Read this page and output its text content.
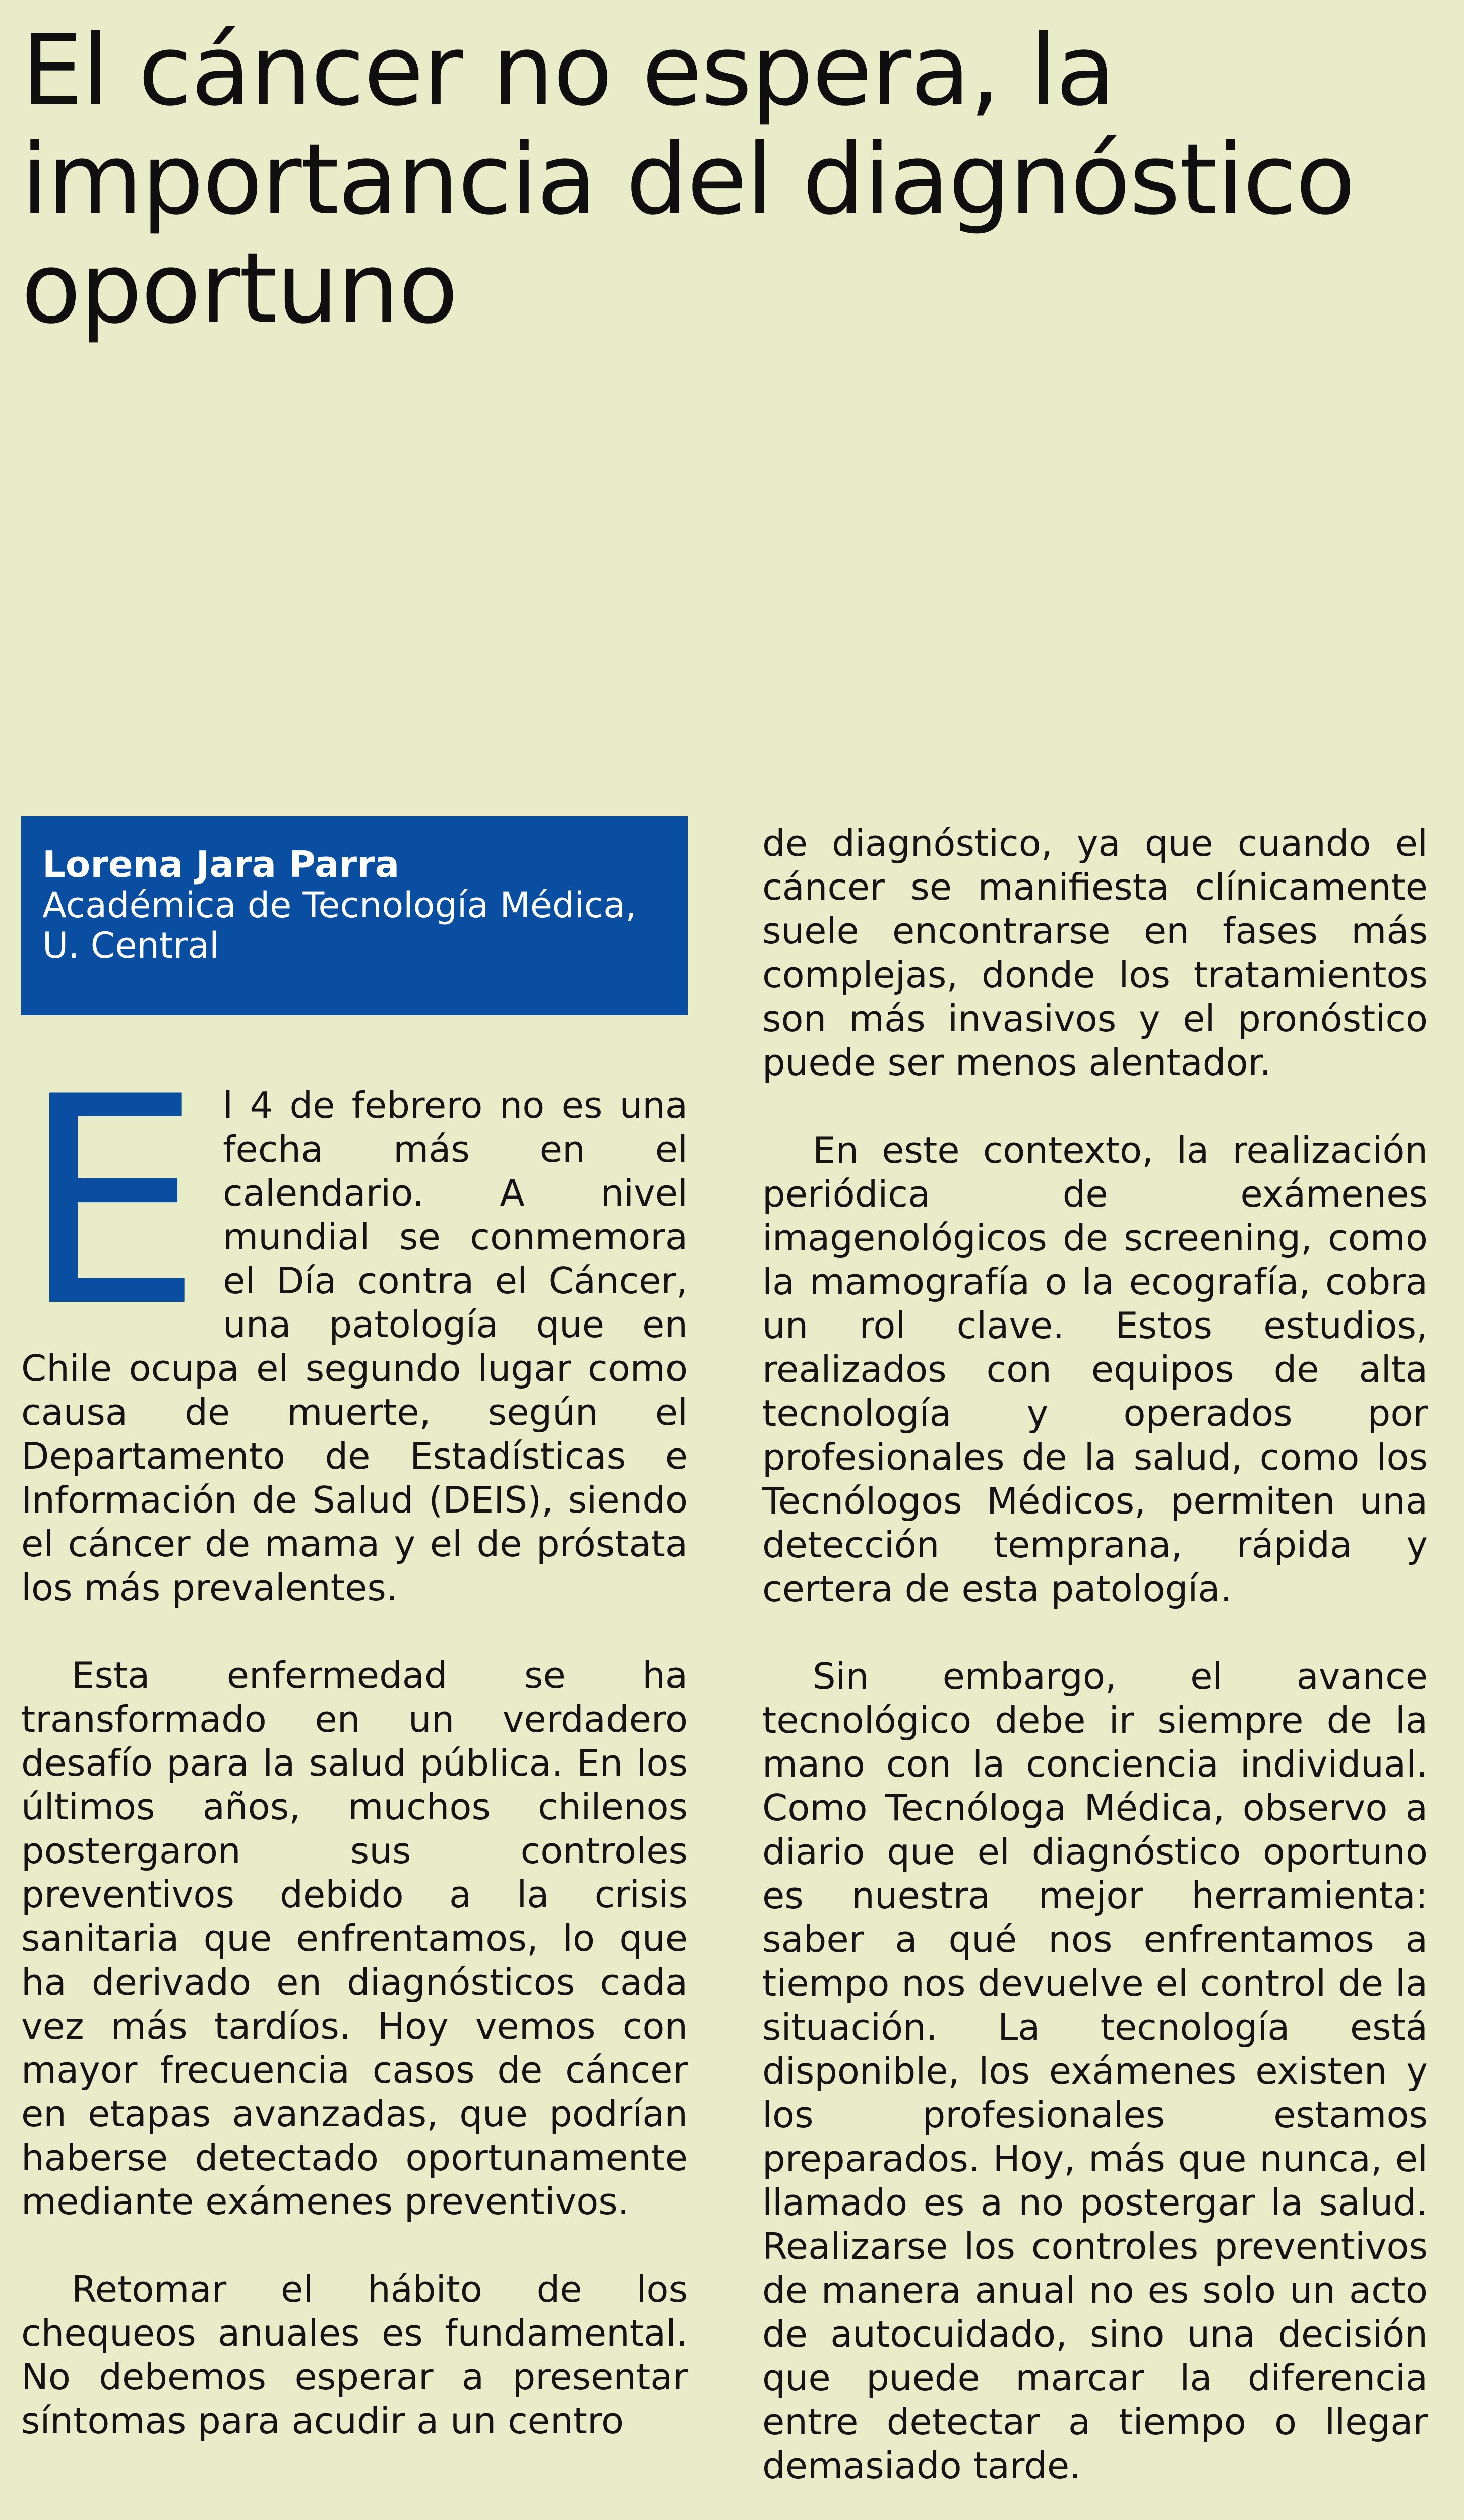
El cáncer no espera, la importancia del diagnóstico oportuno
Lorena Jara Parra
Académica de Tecnología Médica, U. Central

El 4 de febrero no es una fecha más en el calendario. A nivel mundial se conmemora el Día contra el Cáncer, una patología que en Chile ocupa el segundo lugar como causa de muerte, según el Departamento de Estadísticas e Información de Salud (DEIS), siendo el cáncer de mama y el de próstata los más prevalentes.

Esta enfermedad se ha transformado en un verdadero desafío para la salud pública. En los últimos años, muchos chilenos postergaron sus controles preventivos debido a la crisis sanitaria que enfrentamos, lo que ha derivado en diagnósticos cada vez más tardíos. Hoy vemos con mayor frecuencia casos de cáncer en etapas avanzadas, que podrían haberse detectado oportunamente mediante exámenes preventivos.

Retomar el hábito de los chequeos anuales es fundamental. No debemos esperar a presentar síntomas para acudir a un centro

de diagnóstico, ya que cuando el cáncer se manifiesta clínicamente suele encontrarse en fases más complejas, donde los tratamientos son más invasivos y el pronóstico puede ser menos alentador.

En este contexto, la realización periódica de exámenes imagenológicos de screening, como la mamografía o la ecografía, cobra un rol clave. Estos estudios, realizados con equipos de alta tecnología y operados por profesionales de la salud, como los Tecnólogos Médicos, permiten una detección temprana, rápida y certera de esta patología.

Sin embargo, el avance tecnológico debe ir siempre de la mano con la conciencia individual. Como Tecnóloga Médica, observo a diario que el diagnóstico oportuno es nuestra mejor herramienta: saber a qué nos enfrentamos a tiempo nos devuelve el control de la situación. La tecnología está disponible, los exámenes existen y los profesionales estamos preparados. Hoy, más que nunca, el llamado es a no postergar la salud. Realizarse los controles preventivos de manera anual no es solo un acto de autocuidado, sino una decisión que puede marcar la diferencia entre detectar a tiempo o llegar demasiado tarde.
